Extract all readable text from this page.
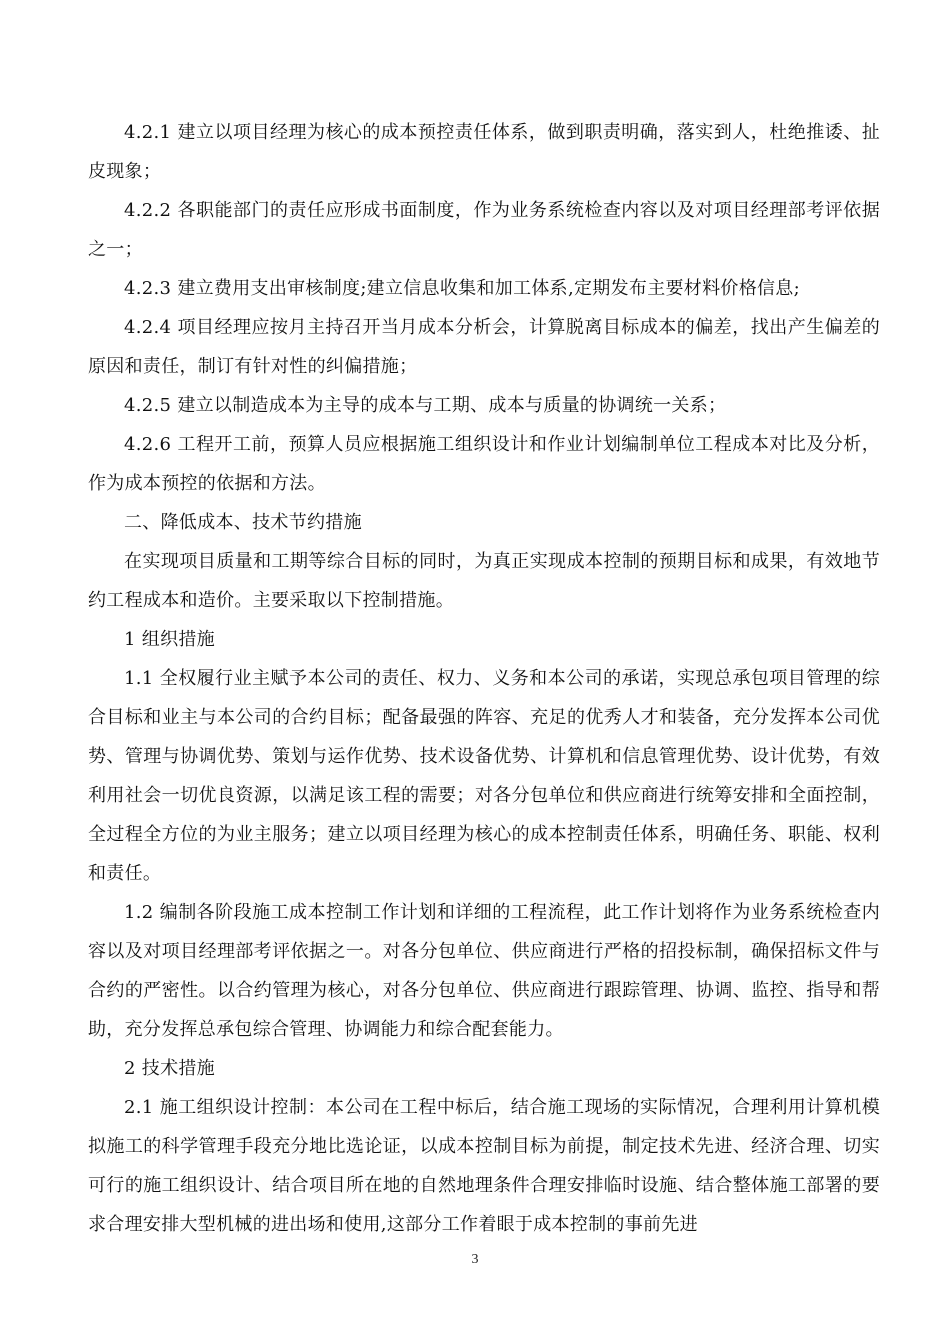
4.2.1 建立以项目经理为核心的成本预控责任体系，做到职责明确，落实到人，杜绝推诿、扯皮现象；

4.2.2 各职能部门的责任应形成书面制度，作为业务系统检查内容以及对项目经理部考评依据之一；

4.2.3 建立费用支出审核制度;建立信息收集和加工体系,定期发布主要材料价格信息;

4.2.4 项目经理应按月主持召开当月成本分析会，计算脱离目标成本的偏差，找出产生偏差的原因和责任，制订有针对性的纠偏措施；

4.2.5 建立以制造成本为主导的成本与工期、成本与质量的协调统一关系；

4.2.6 工程开工前，预算人员应根据施工组织设计和作业计划编制单位工程成本对比及分析，作为成本预控的依据和方法。

二、降低成本、技术节约措施

在实现项目质量和工期等综合目标的同时，为真正实现成本控制的预期目标和成果，有效地节约工程成本和造价。主要采取以下控制措施。

1 组织措施

1.1 全权履行业主赋予本公司的责任、权力、义务和本公司的承诺，实现总承包项目管理的综合目标和业主与本公司的合约目标；配备最强的阵容、充足的优秀人才和装备，充分发挥本公司优势、管理与协调优势、策划与运作优势、技术设备优势、计算机和信息管理优势、设计优势，有效利用社会一切优良资源，以满足该工程的需要；对各分包单位和供应商进行统筹安排和全面控制，全过程全方位的为业主服务；建立以项目经理为核心的成本控制责任体系，明确任务、职能、权利和责任。

1.2 编制各阶段施工成本控制工作计划和详细的工程流程，此工作计划将作为业务系统检查内容以及对项目经理部考评依据之一。对各分包单位、供应商进行严格的招投标制，确保招标文件与合约的严密性。以合约管理为核心，对各分包单位、供应商进行跟踪管理、协调、监控、指导和帮助，充分发挥总承包综合管理、协调能力和综合配套能力。

2 技术措施

2.1 施工组织设计控制：本公司在工程中标后，结合施工现场的实际情况，合理利用计算机模拟施工的科学管理手段充分地比选论证，以成本控制目标为前提，制定技术先进、经济合理、切实可行的施工组织设计、结合项目所在地的自然地理条件合理安排临时设施、结合整体施工部署的要求合理安排大型机械的进出场和使用,这部分工作着眼于成本控制的事前先进

3
